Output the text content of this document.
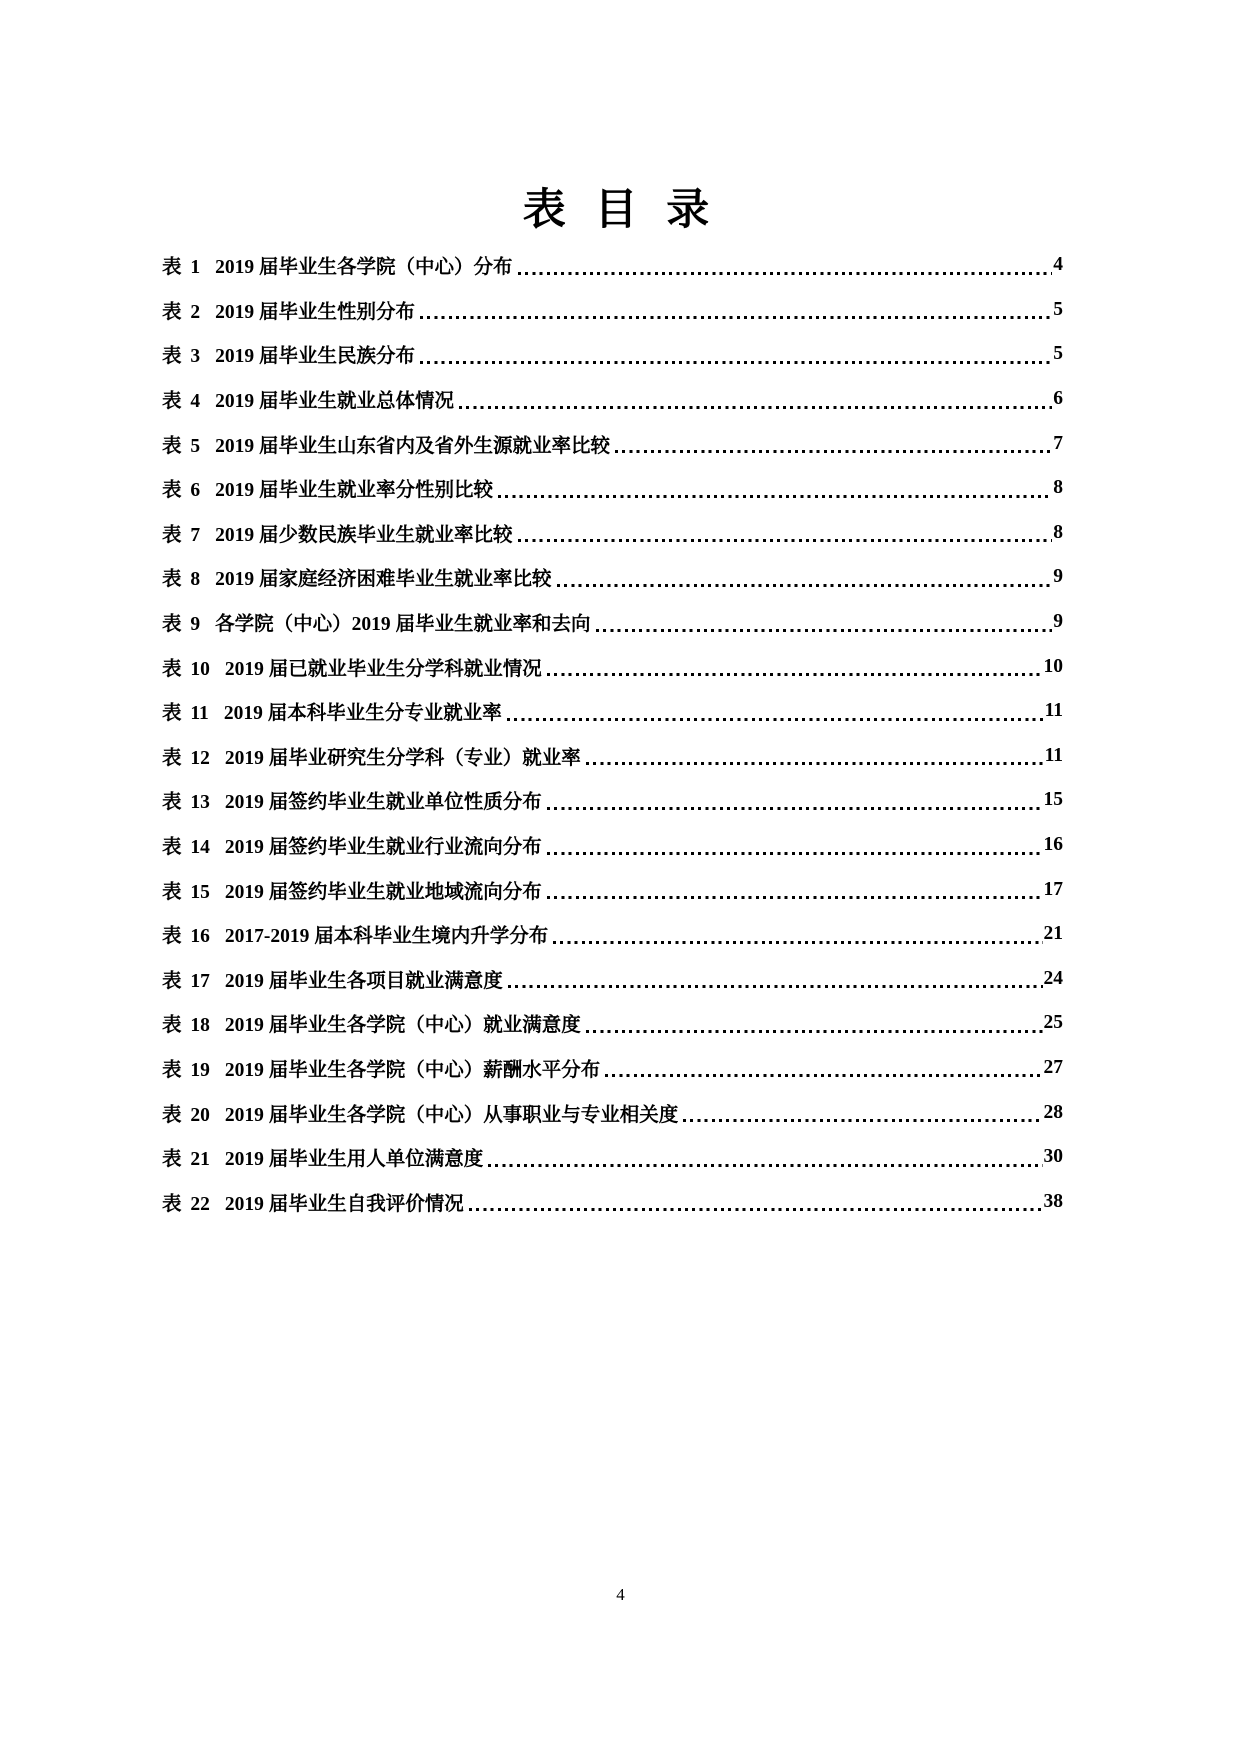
表 目 录
表 1 2019 届毕业生各学院（中心）分布	4
表 2 2019 届毕业生性别分布	5
表 3 2019 届毕业生民族分布	5
表 4 2019 届毕业生就业总体情况	6
表 5 2019 届毕业生山东省内及省外生源就业率比较	7
表 6 2019 届毕业生就业率分性别比较	8
表 7 2019 届少数民族毕业生就业率比较	8
表 8 2019 届家庭经济困难毕业生就业率比较	9
表 9 各学院（中心）2019 届毕业生就业率和去向	9
表 10 2019 届已就业毕业生分学科就业情况	10
表 11 2019 届本科毕业生分专业就业率	11
表 12 2019 届毕业研究生分学科（专业）就业率	11
表 13 2019 届签约毕业生就业单位性质分布	15
表 14 2019 届签约毕业生就业行业流向分布	16
表 15 2019 届签约毕业生就业地域流向分布	17
表 16 2017-2019 届本科毕业生境内升学分布	21
表 17 2019 届毕业生各项目就业满意度	24
表 18 2019 届毕业生各学院（中心）就业满意度	25
表 19 2019 届毕业生各学院（中心）薪酬水平分布	27
表 20 2019 届毕业生各学院（中心）从事职业与专业相关度	28
表 21 2019 届毕业生用人单位满意度	30
表 22 2019 届毕业生自我评价情况	38
4
